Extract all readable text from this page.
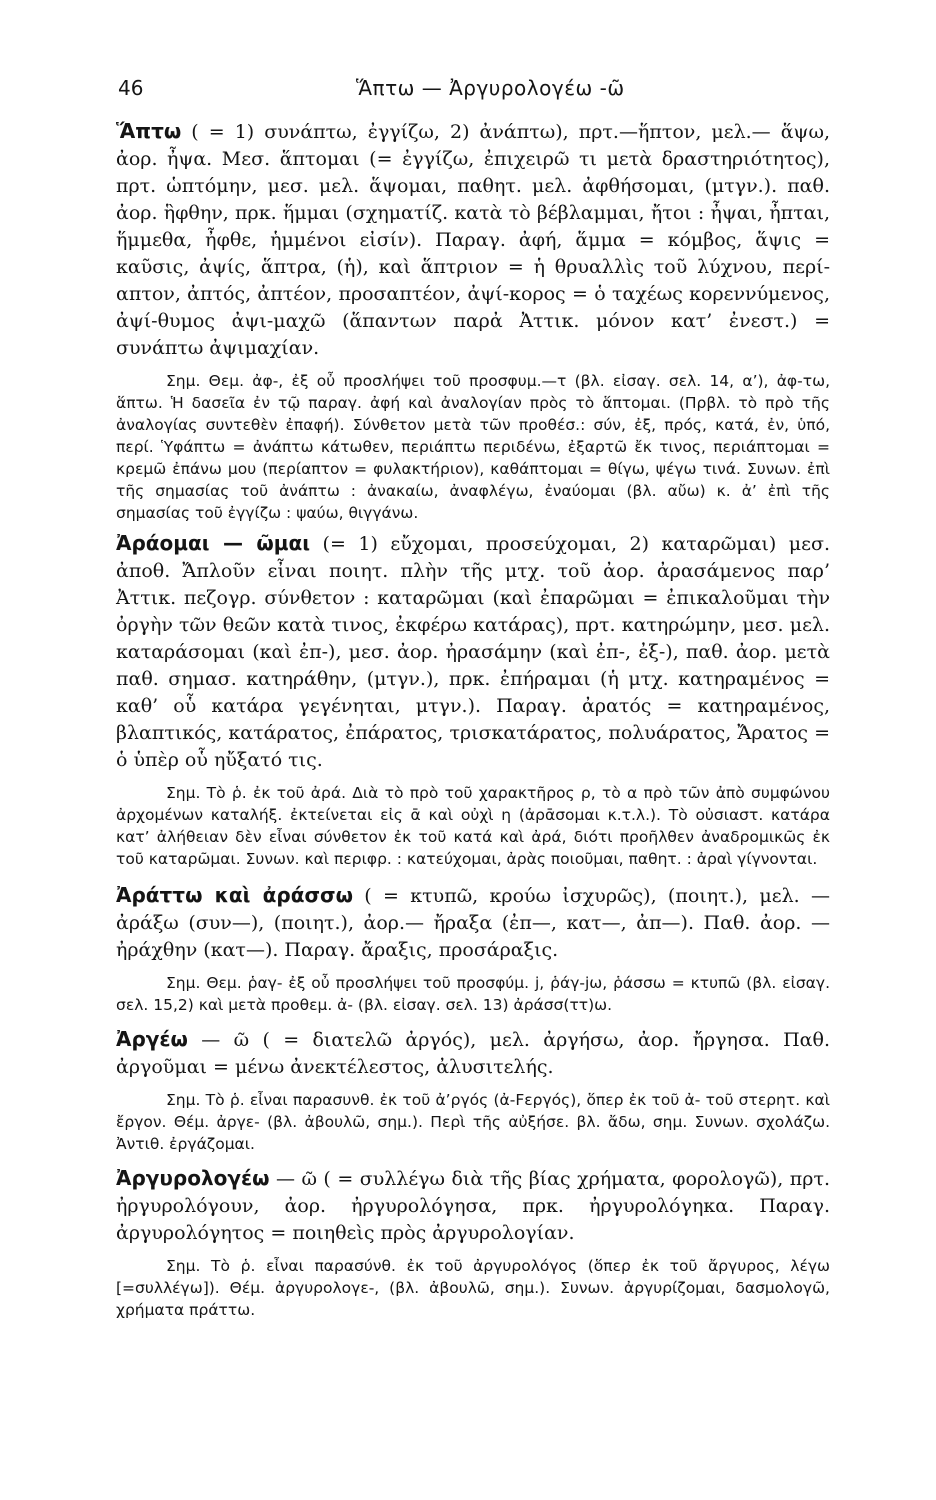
46	Ἅπτω — Ἀργυρολογέω -ῶ

Ἅπτω ( = 1) συνάπτω, ἐγγίζω, 2) ἀνάπτω), πρτ.—ἥπτον, μελ.— ἅψω, ἀορ. ἦψα. Μεσ. ἅπτομαι (= ἐγγίζω, ἐπιχειρῶ τι μετὰ δραστηριότητος), πρτ. ὡπτόμην, μεσ. μελ. ἅψομαι, παθητ. μελ. ἀφθήσομαι, (μτγν.). παθ. ἀορ. ἣφθην, πρκ. ἥμμαι (σχηματίζ. κατὰ τὸ βέβλαμμαι, ἤτοι : ἦψαι, ἦπται, ἥμμεθα, ἦφθε, ἡμμένοι εἰσίν). Παραγ. ἀφή, ἅμμα = κόμβος, ἅψις = καῦσις, ἀψίς, ἅπτρα, (ἡ), καὶ ἅπτριον = ἡ θρυαλλὶς τοῦ λύχνου, περί-απτον, ἀπτός, ἀπτέον, προσαπτέον, ἀψί-κορος = ὁ ταχέως κορεννύμενος, ἀψί-θυμος ἀψι-μαχῶ (ἅπαντων παρἀ Ἀττικ. μόνον κατ’ ἐνεστ.) = συνάπτω ἀψιμαχίαν.

Σημ. Θεμ. ἀφ-, ἐξ οὖ προσλήψει τοῦ προσφυμ.—τ (βλ. εἰσαγ. σελ. 14, α’), ἀφ-τω, ἅπτω. Ἡ δασεῖα ἐν τῷ παραγ. ἀφή καὶ ἀναλογίαν πρὸς τὸ ἅπτομαι. (Πρβλ. τὸ πρὸ τῆς ἀναλογίας συντεθὲν ἐπαφή). Σύνθετον μετὰ τῶν προθέσ.: σύν, ἐξ, πρός, κατά, ἐν, ὑπό, περί. Ὑφάπτω = ἀνάπτω κάτωθεν, περιάπτω περιδένω, ἐξαρτῶ ἔκ τινος, περιάπτομαι = κρεμῶ ἐπάνω μου (περίαπτον = φυλακτήριον), καθάπτομαι = θίγω, ψέγω τινά. Συνων. ἐπὶ τῆς σημασίας τοῦ ἀνάπτω : ἀνακαίω, ἀναφλέγω, ἐναύομαι (βλ. αὔω) κ. ἀ’ ἐπὶ τῆς σημασίας τοῦ ἐγγίζω : ψαύω, θιγγάνω.

Ἀράομαι — ῶμαι (= 1) εὔχομαι, προσεύχομαι, 2) καταρῶμαι) μεσ. ἀποθ. Ἄπλοῦν εἶναι ποιητ. πλὴν τῆς μτχ. τοῦ ἀορ. ἀρασάμενος παρ’ Ἀττικ. πεζογρ. σύνθετον : καταρῶμαι (καὶ ἐπαρῶμαι = ἐπικαλοῦμαι τὴν ὀργὴν τῶν θεῶν κατὰ τινος, ἐκφέρω κατάρας), πρτ. κατηρώμην, μεσ. μελ. καταράσομαι (καὶ ἐπ-), μεσ. ἀορ. ἠρασάμην (καὶ ἐπ-, ἐξ-), παθ. ἀορ. μετὰ παθ. σημασ. κατηράθην, (μτγν.), πρκ. ἐπήραμαι (ἡ μτχ. κατηραμένος = καθ’ οὗ κατάρα γεγένηται, μτγν.). Παραγ. ἀρατός = κατηραμένος, βλαπτικός, κατάρατος, ἐπάρατος, τρισκατάρατος, πολυάρατος, Ἄρατος = ὁ ὑπὲρ οὗ ηὔξατό τις.

Σημ. Τὸ ῥ. ἐκ τοῦ ἀρά. Διὰ τὸ πρὸ τοῦ χαρακτῆρος ρ, τὸ α πρὸ τῶν ἀπὸ συμφώνου ἀρχομένων καταλήξ. ἐκτείνεται εἰς ᾱ καὶ οὐχὶ η (ἀρᾱσομαι κ.τ.λ.). Τὸ οὐσιαστ. κατάρα κατ’ ἀλήθειαν δὲν εἶναι σύνθετον ἐκ τοῦ κατά καὶ ἀρά, διότι προῆλθεν ἀναδρομικῶς ἐκ τοῦ καταρῶμαι. Συνων. καὶ περιφρ. : κατεύχομαι, ἀρὰς ποιοῦμαι, παθητ. : ἀραὶ γίγνονται.

Ἀράττω καὶ ἀράσσω ( = κτυπῶ, κρούω ἰσχυρῶς), (ποιητ.), μελ. — ἀράξω (συν—), (ποιητ.), ἀορ.— ἤραξα (ἐπ—, κατ—, ἀπ—). Παθ. ἀορ. — ἠράχθην (κατ—). Παραγ. ἄραξις, προσάραξις.

Σημ. Θεμ. ῥαγ- ἐξ οὖ προσλήψει τοῦ προσφύμ. j, ῥάγ-jω, ῥάσσω = κτυπῶ (βλ. εἰσαγ. σελ. 15,2) καὶ μετὰ προθεμ. ἀ- (βλ. εἰσαγ. σελ. 13) ἀράσσ(ττ)ω.

Ἀργέω — ῶ ( = διατελῶ ἀργός), μελ. ἀργήσω, ἀορ. ἤργησα. Παθ. ἀργοῦμαι = μένω ἀνεκτέλεστος, ἀλυσιτελής.

Σημ. Τὸ ῥ. εἶναι παρασυνθ. ἐκ τοῦ ἀ’ργός (ἀ-Fεργός), ὅπερ ἐκ τοῦ ἀ- τοῦ στερητ. καὶ ἔργον. Θέμ. ἀργε- (βλ. ἀβουλῶ, σημ.). Περὶ τῆς αὐξήσε. βλ. ἄδω, σημ. Συνων. σχολάζω. Ἀντιθ. ἐργάζομαι.

Ἀργυρολογέω — ῶ ( = συλλέγω διὰ τῆς βίας χρήματα, φορολογῶ), πρτ. ἠργυρολόγουν, ἀορ. ἠργυρολόγησα, πρκ. ἠργυρολόγηκα. Παραγ. ἀργυρολόγητος = ποιηθεὶς πρὸς ἀργυρολογίαν.

Σημ. Τὸ ῥ. εἶναι παρασύνθ. ἐκ τοῦ ἀργυρολόγος (ὅπερ ἐκ τοῦ ἄργυρος, λέγω [=συλλέγω]). Θέμ. ἀργυρολογε-, (βλ. ἀβουλῶ, σημ.). Συνων. ἀργυρίζομαι, δασμολογῶ, χρήματα πράττω.
